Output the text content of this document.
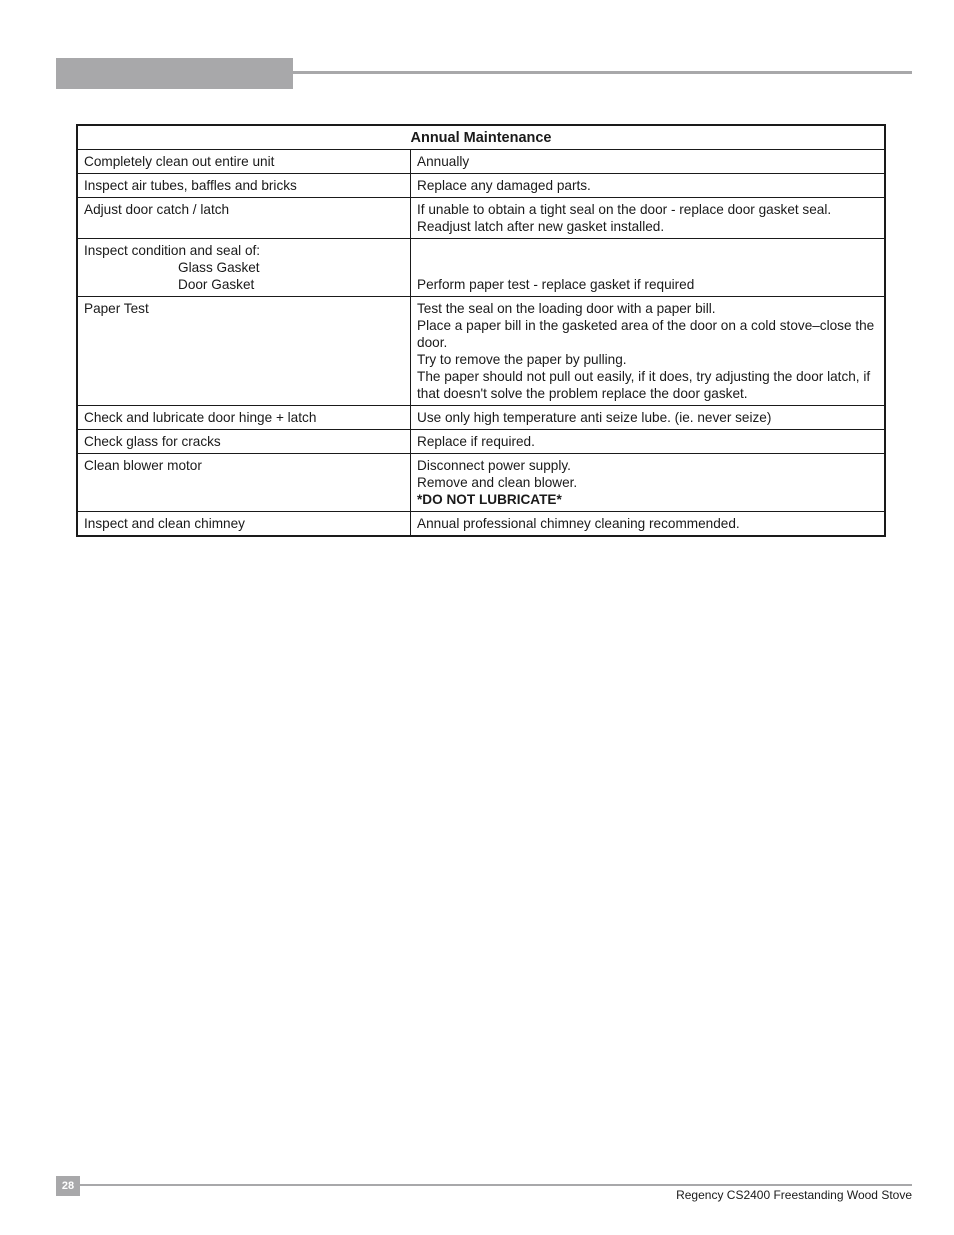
Annual Maintenance	

Completely clean out entire unit	Annually

Inspect air tubes, baffles and bricks	Replace any damaged parts.

Adjust door catch / latch	If unable to obtain a tight seal on the door - replace door gasket seal.
Readjust latch after new gasket installed.

Inspect condition and seal of:
Glass Gasket
Door Gasket	Perform paper test - replace gasket if required

Paper Test	Test the seal on the loading door with a paper bill.
Place a paper bill in the gasketed area of the door on a cold stove–close the door.
Try to remove the paper by pulling.
The paper should not pull out easily, if it does, try adjusting the door latch, if that doesn't solve the problem replace the door gasket.

Check and lubricate door hinge + latch	Use only high temperature anti seize lube. (ie. never seize)

Check glass for cracks	Replace if required.

Clean blower motor	Disconnect power supply.
Remove and clean blower.
*DO NOT LUBRICATE*

Inspect and clean chimney	Annual professional chimney cleaning recommended.
28
Regency CS2400 Freestanding Wood Stove
